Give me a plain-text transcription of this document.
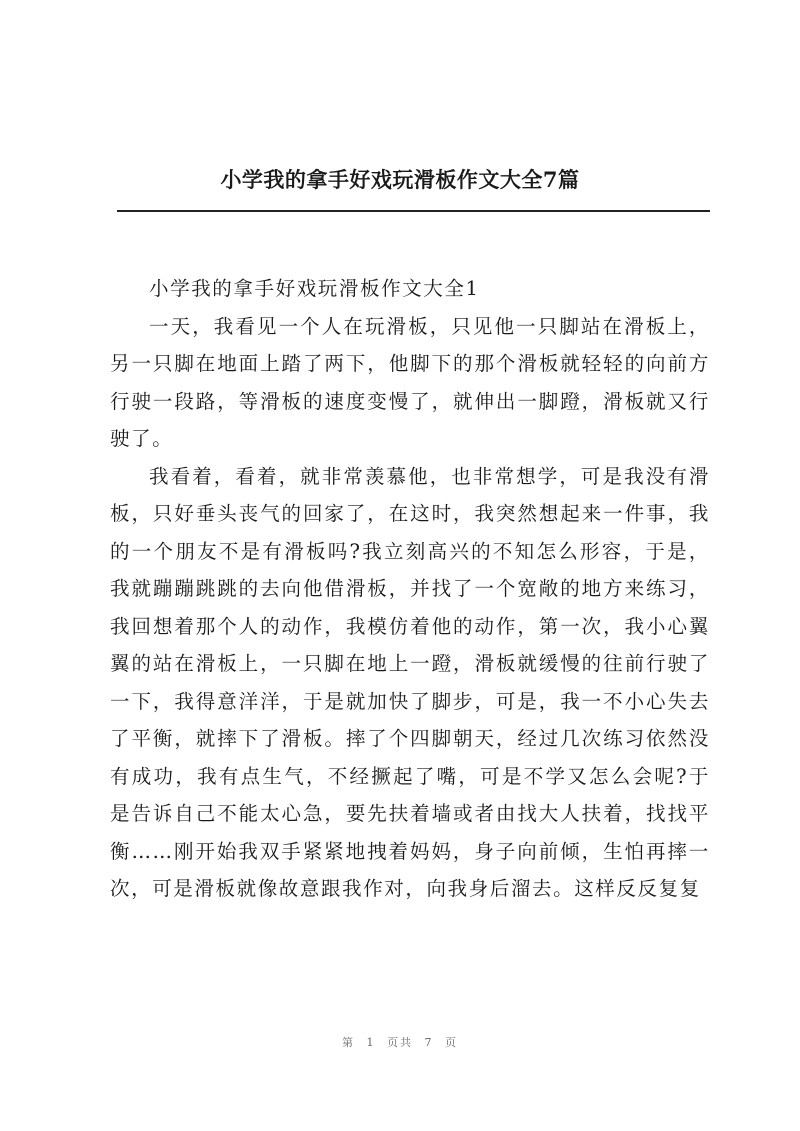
小学我的拿手好戏玩滑板作文大全7篇

小学我的拿手好戏玩滑板作文大全1

一天，我看见一个人在玩滑板，只见他一只脚站在滑板上，另一只脚在地面上踏了两下，他脚下的那个滑板就轻轻的向前方行驶一段路，等滑板的速度变慢了，就伸出一脚蹬，滑板就又行驶了。

我看着，看着，就非常羡慕他，也非常想学，可是我没有滑板，只好垂头丧气的回家了，在这时，我突然想起来一件事，我的一个朋友不是有滑板吗?我立刻高兴的不知怎么形容，于是，我就蹦蹦跳跳的去向他借滑板，并找了一个宽敞的地方来练习，我回想着那个人的动作，我模仿着他的动作，第一次，我小心翼翼的站在滑板上，一只脚在地上一蹬，滑板就缓慢的往前行驶了一下，我得意洋洋，于是就加快了脚步，可是，我一不小心失去了平衡，就摔下了滑板。摔了个四脚朝天，经过几次练习依然没有成功，我有点生气，不经撅起了嘴，可是不学又怎么会呢?于是告诉自己不能太心急，要先扶着墙或者由找大人扶着，找找平衡……刚开始我双手紧紧地拽着妈妈，身子向前倾，生怕再摔一次，可是滑板就像故意跟我作对，向我身后溜去。这样反反复复

第 1 页共 7 页
